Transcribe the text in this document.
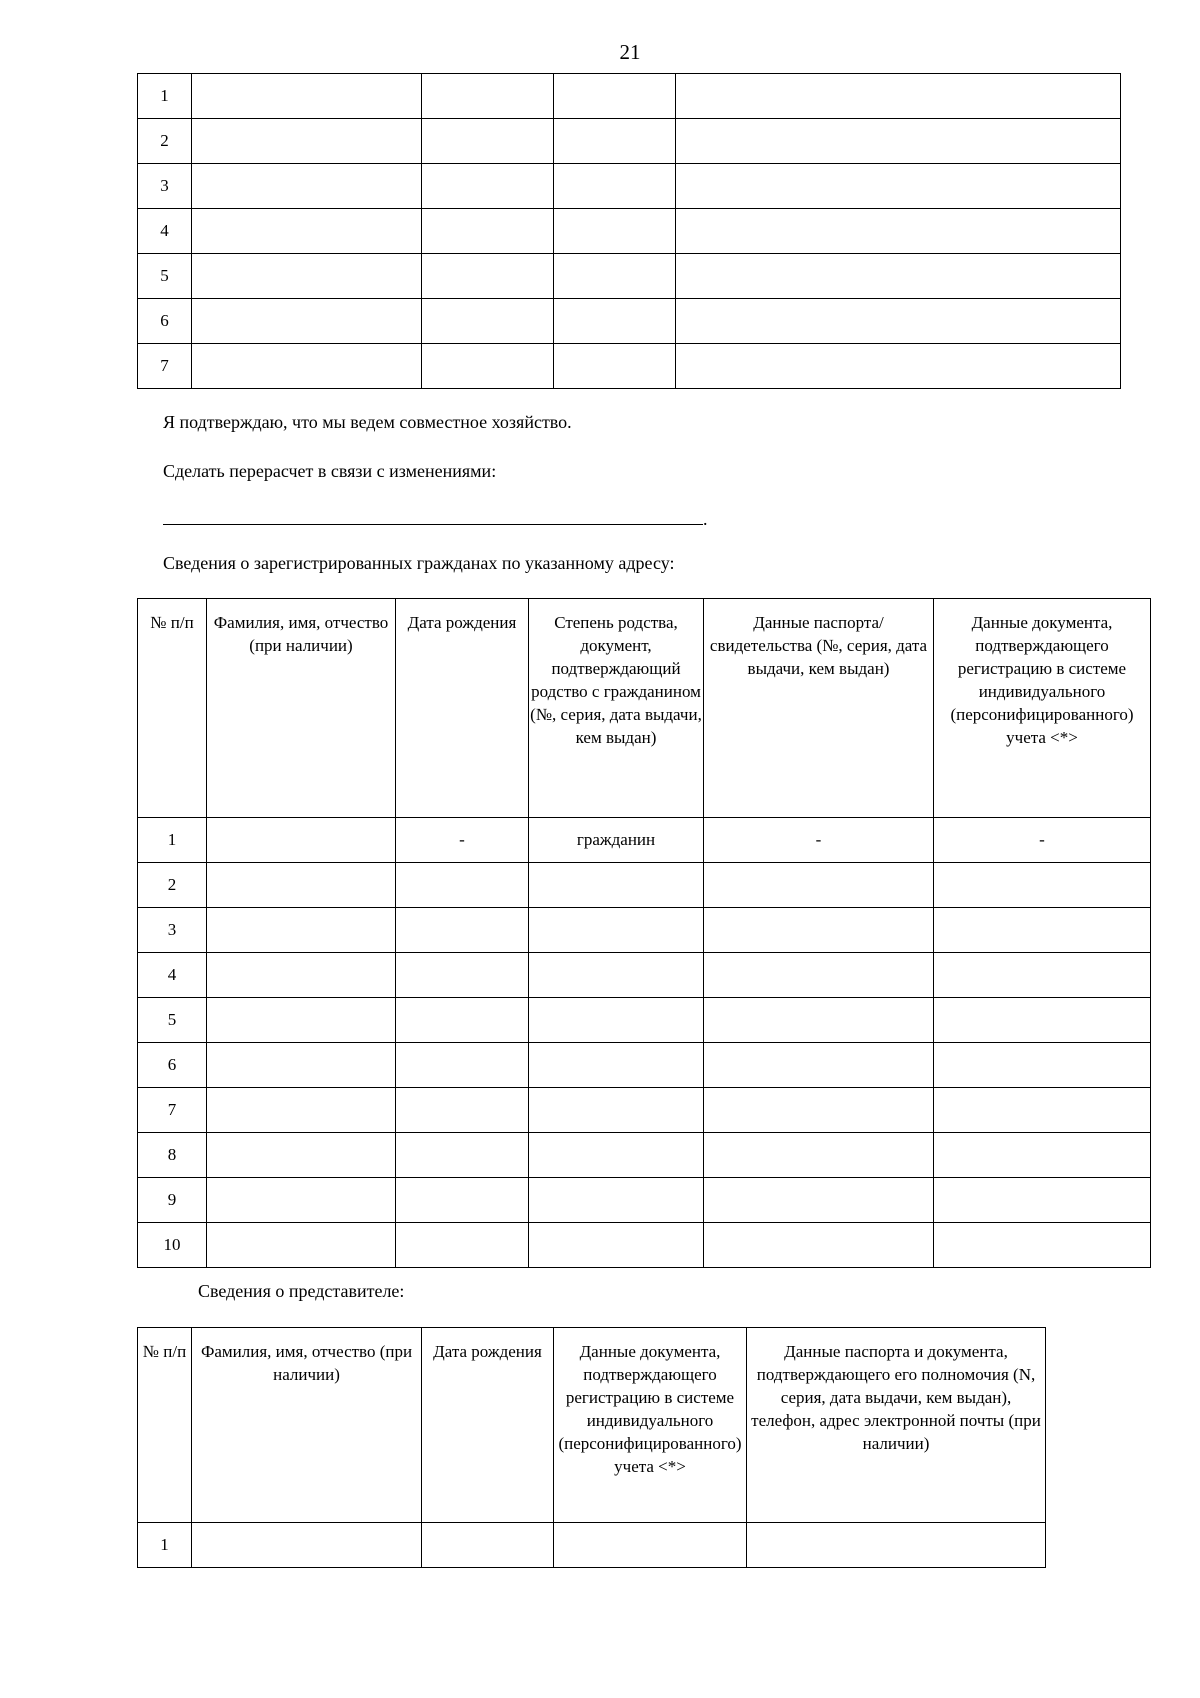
21
1				
2				
3				
4				
5				
6				
7				
Я подтверждаю, что мы ведем совместное хозяйство.
Сделать перерасчет в связи с изменениями:
.
Сведения о зарегистрированных гражданах по указанному адресу:
№ п/п	Фамилия, имя, отчество (при наличии)	Дата рождения	Степень родства, документ, подтверждающий родство с гражданином (№, серия, дата выдачи, кем выдан)	Данные паспорта/свидетельства (№, серия, дата выдачи, кем выдан)	Данные документа, подтверждающего регистрацию в системе индивидуального (персонифицированного) учета <*>
1		-	гражданин	-	-
2					
3					
4					
5					
6					
7					
8					
9					
10					
Сведения о представителе:
№ п/п	Фамилия, имя, отчество (при наличии)	Дата рождения	Данные документа, подтверждающего регистрацию в системе индивидуального (персонифицированного) учета <*>	Данные паспорта и документа, подтверждающего его полномочия (N, серия, дата выдачи, кем выдан), телефон, адрес электронной почты (при наличии)
1				
